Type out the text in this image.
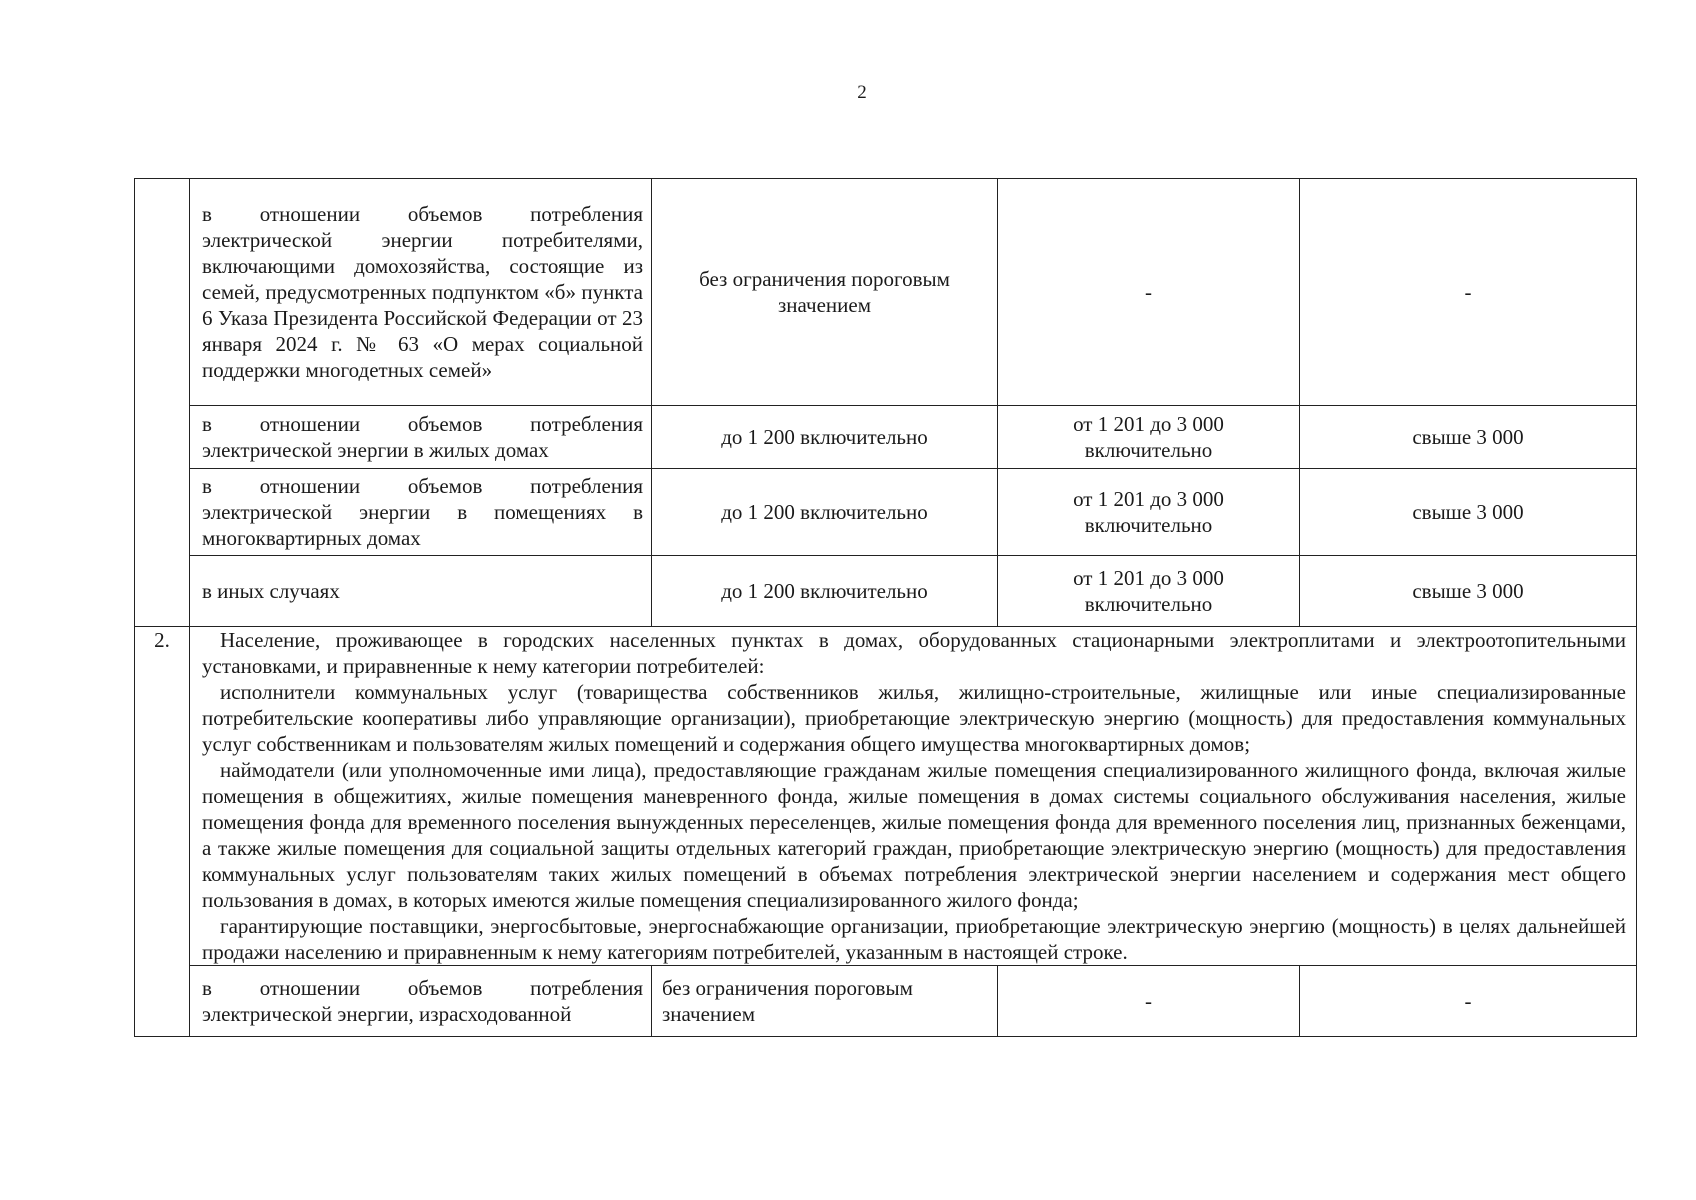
2
	в отношении объемов потребления электрической энергии потребителями, включающими домохозяйства, состоящие из семей, предусмотренных подпунктом «б» пункта 6 Указа Президента Российской Федерации от 23 января 2024 г. № 63 «О мерах социальной поддержки многодетных семей»	без ограничения пороговым значением	-	-
	в отношении объемов потребления электрической энергии в жилых домах	до 1 200 включительно	от 1 201 до 3 000 включительно	свыше 3 000
	в отношении объемов потребления электрической энергии в помещениях в многоквартирных домах	до 1 200 включительно	от 1 201 до 3 000 включительно	свыше 3 000
	в иных случаях	до 1 200 включительно	от 1 201 до 3 000 включительно	свыше 3 000
2.	Население, проживающее в городских населенных пунктах в домах, оборудованных стационарными электроплитами и электроотопительными установками, и приравненные к нему категории потребителей:

исполнители коммунальных услуг (товарищества собственников жилья, жилищно-строительные, жилищные или иные специализированные потребительские кооперативы либо управляющие организации), приобретающие электрическую энергию (мощность) для предоставления коммунальных услуг собственникам и пользователям жилых помещений и содержания общего имущества многоквартирных домов;

наймодатели (или уполномоченные ими лица), предоставляющие гражданам жилые помещения специализированного жилищного фонда, включая жилые помещения в общежитиях, жилые помещения маневренного фонда, жилые помещения в домах системы социального обслуживания населения, жилые помещения фонда для временного поселения вынужденных переселенцев, жилые помещения фонда для временного поселения лиц, признанных беженцами, а также жилые помещения для социальной защиты отдельных категорий граждан, приобретающие электрическую энергию (мощность) для предоставления коммунальных услуг пользователям таких жилых помещений в объемах потребления электрической энергии населением и содержания мест общего пользования в домах, в которых имеются жилые помещения специализированного жилого фонда;

гарантирующие поставщики, энергосбытовые, энергоснабжающие организации, приобретающие электрическую энергию (мощность) в целях дальнейшей продажи населению и приравненным к нему категориям потребителей, указанным в настоящей строке.			

	в отношении объемов потребления электрической энергии, израсходованной	без ограничения пороговым значением	-	-
